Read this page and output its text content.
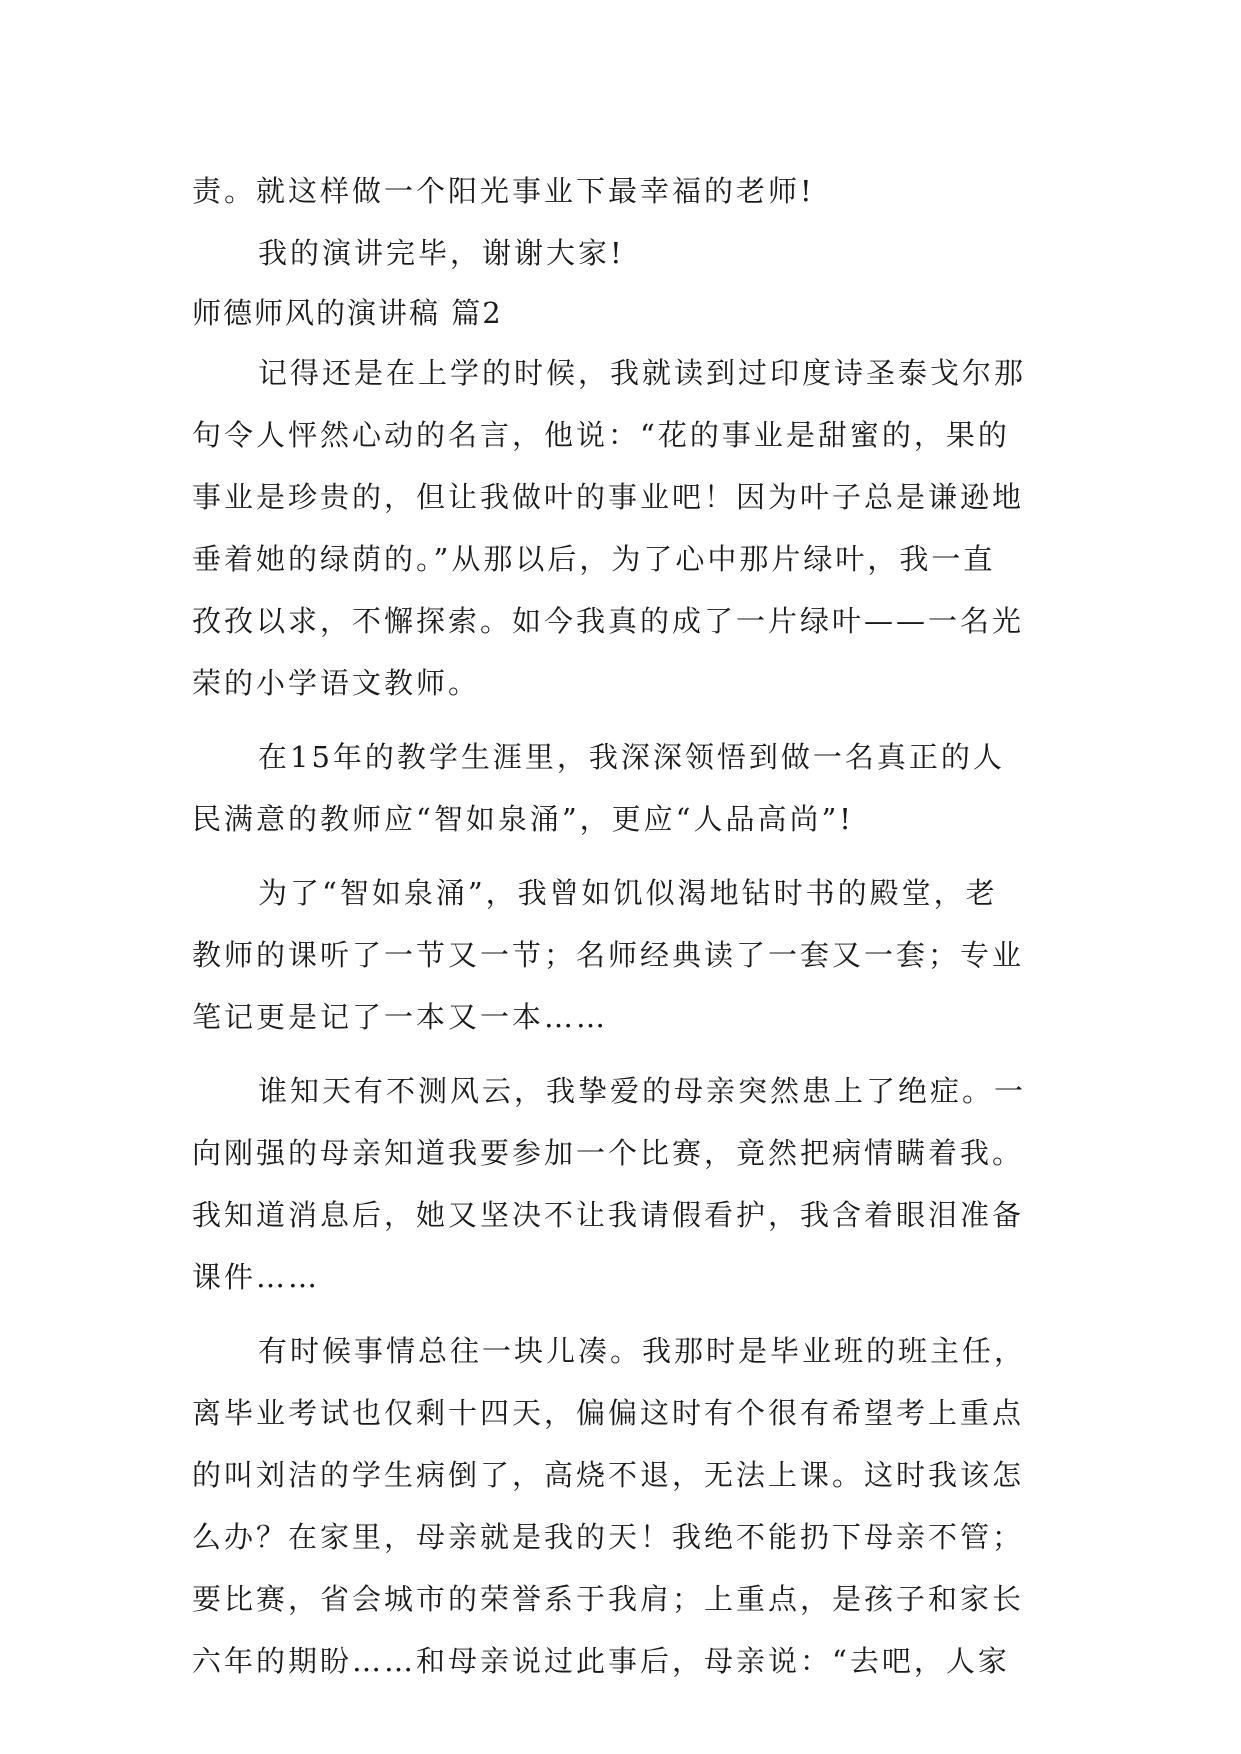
责。就这样做一个阳光事业下最幸福的老师!
我的演讲完毕，谢谢大家!
师德师风的演讲稿 篇2
记得还是在上学的时候，我就读到过印度诗圣泰戈尔那
句令人怦然心动的名言，他说：“花的事业是甜蜜的，果的
事业是珍贵的，但让我做叶的事业吧！因为叶子总是谦逊地
垂着她的绿荫的。”从那以后，为了心中那片绿叶，我一直
孜孜以求，不懈探索。如今我真的成了一片绿叶——一名光
荣的小学语文教师。
在15年的教学生涯里，我深深领悟到做一名真正的人
民满意的教师应“智如泉涌”，更应“人品高尚”!
为了“智如泉涌”，我曾如饥似渴地钻时书的殿堂，老
教师的课听了一节又一节；名师经典读了一套又一套；专业
笔记更是记了一本又一本……
谁知天有不测风云，我挚爱的母亲突然患上了绝症。一
向刚强的母亲知道我要参加一个比赛，竟然把病情瞒着我。
我知道消息后，她又坚决不让我请假看护，我含着眼泪准备
课件……
有时候事情总往一块儿凑。我那时是毕业班的班主任，
离毕业考试也仅剩十四天，偏偏这时有个很有希望考上重点
的叫刘洁的学生病倒了，高烧不退，无法上课。这时我该怎
么办？在家里，母亲就是我的天！我绝不能扔下母亲不管；
要比赛，省会城市的荣誉系于我肩；上重点，是孩子和家长
六年的期盼……和母亲说过此事后，母亲说：“去吧，人家
